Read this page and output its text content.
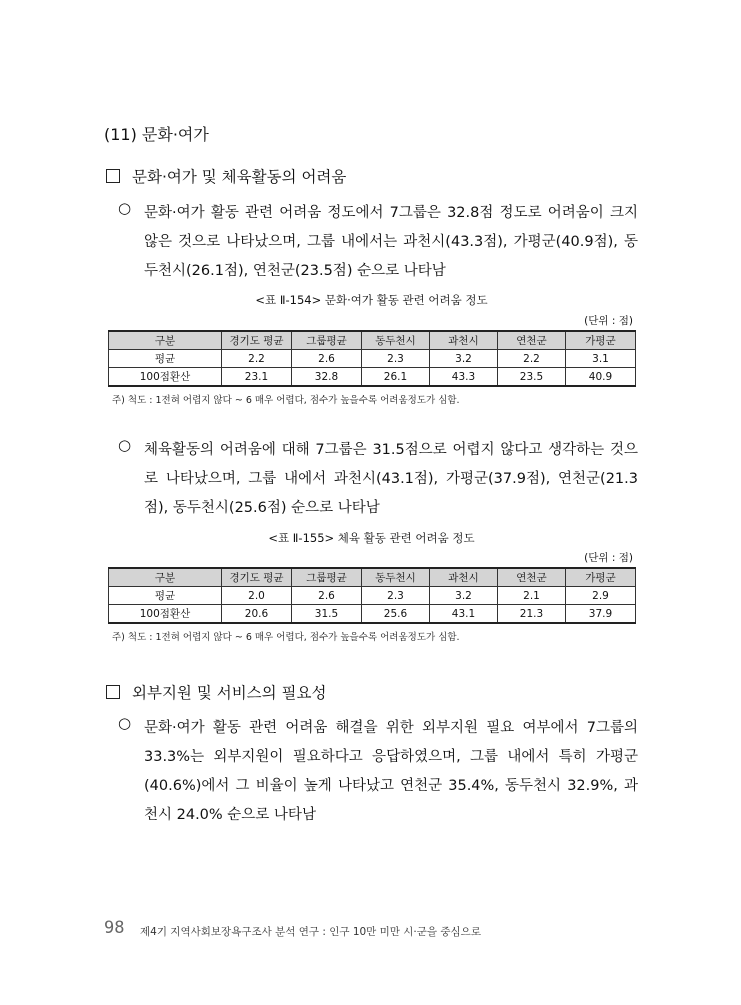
(11) 문화·여가
문화·여가 및 체육활동의 어려움
○ 문화·여가 활동 관련 어려움 정도에서 7그룹은 32.8점 정도로 어려움이 크지 않은 것으로 나타났으며, 그룹 내에서는 과천시(43.3점), 가평군(40.9점), 동두천시(26.1점), 연천군(23.5점) 순으로 나타남
<표 Ⅱ-154> 문화·여가 활동 관련 어려움 정도
(단위 : 점)
구분	경기도 평균	그룹평균	동두천시	과천시	연천군	가평군
평균	2.2	2.6	2.3	3.2	2.2	3.1
100점환산	23.1	32.8	26.1	43.3	23.5	40.9
주) 척도 : 1전혀 어렵지 않다 ~ 6 매우 어렵다, 점수가 높을수록 어려움정도가 심함.
○ 체육활동의 어려움에 대해 7그룹은 31.5점으로 어렵지 않다고 생각하는 것으로 나타났으며, 그룹 내에서 과천시(43.1점), 가평군(37.9점), 연천군(21.3점), 동두천시(25.6점) 순으로 나타남
<표 Ⅱ-155> 체육 활동 관련 어려움 정도
(단위 : 점)
구분	경기도 평균	그룹평균	동두천시	과천시	연천군	가평군
평균	2.0	2.6	2.3	3.2	2.1	2.9
100점환산	20.6	31.5	25.6	43.1	21.3	37.9
주) 척도 : 1전혀 어렵지 않다 ~ 6 매우 어렵다, 점수가 높을수록 어려움정도가 심함.
외부지원 및 서비스의 필요성
○ 문화·여가 활동 관련 어려움 해결을 위한 외부지원 필요 여부에서 7그룹의 33.3%는 외부지원이 필요하다고 응답하였으며, 그룹 내에서 특히 가평군(40.6%)에서 그 비율이 높게 나타났고 연천군 35.4%, 동두천시 32.9%, 과천시 24.0% 순으로 나타남
98 제4기 지역사회보장욕구조사 분석 연구 : 인구 10만 미만 시·군을 중심으로
